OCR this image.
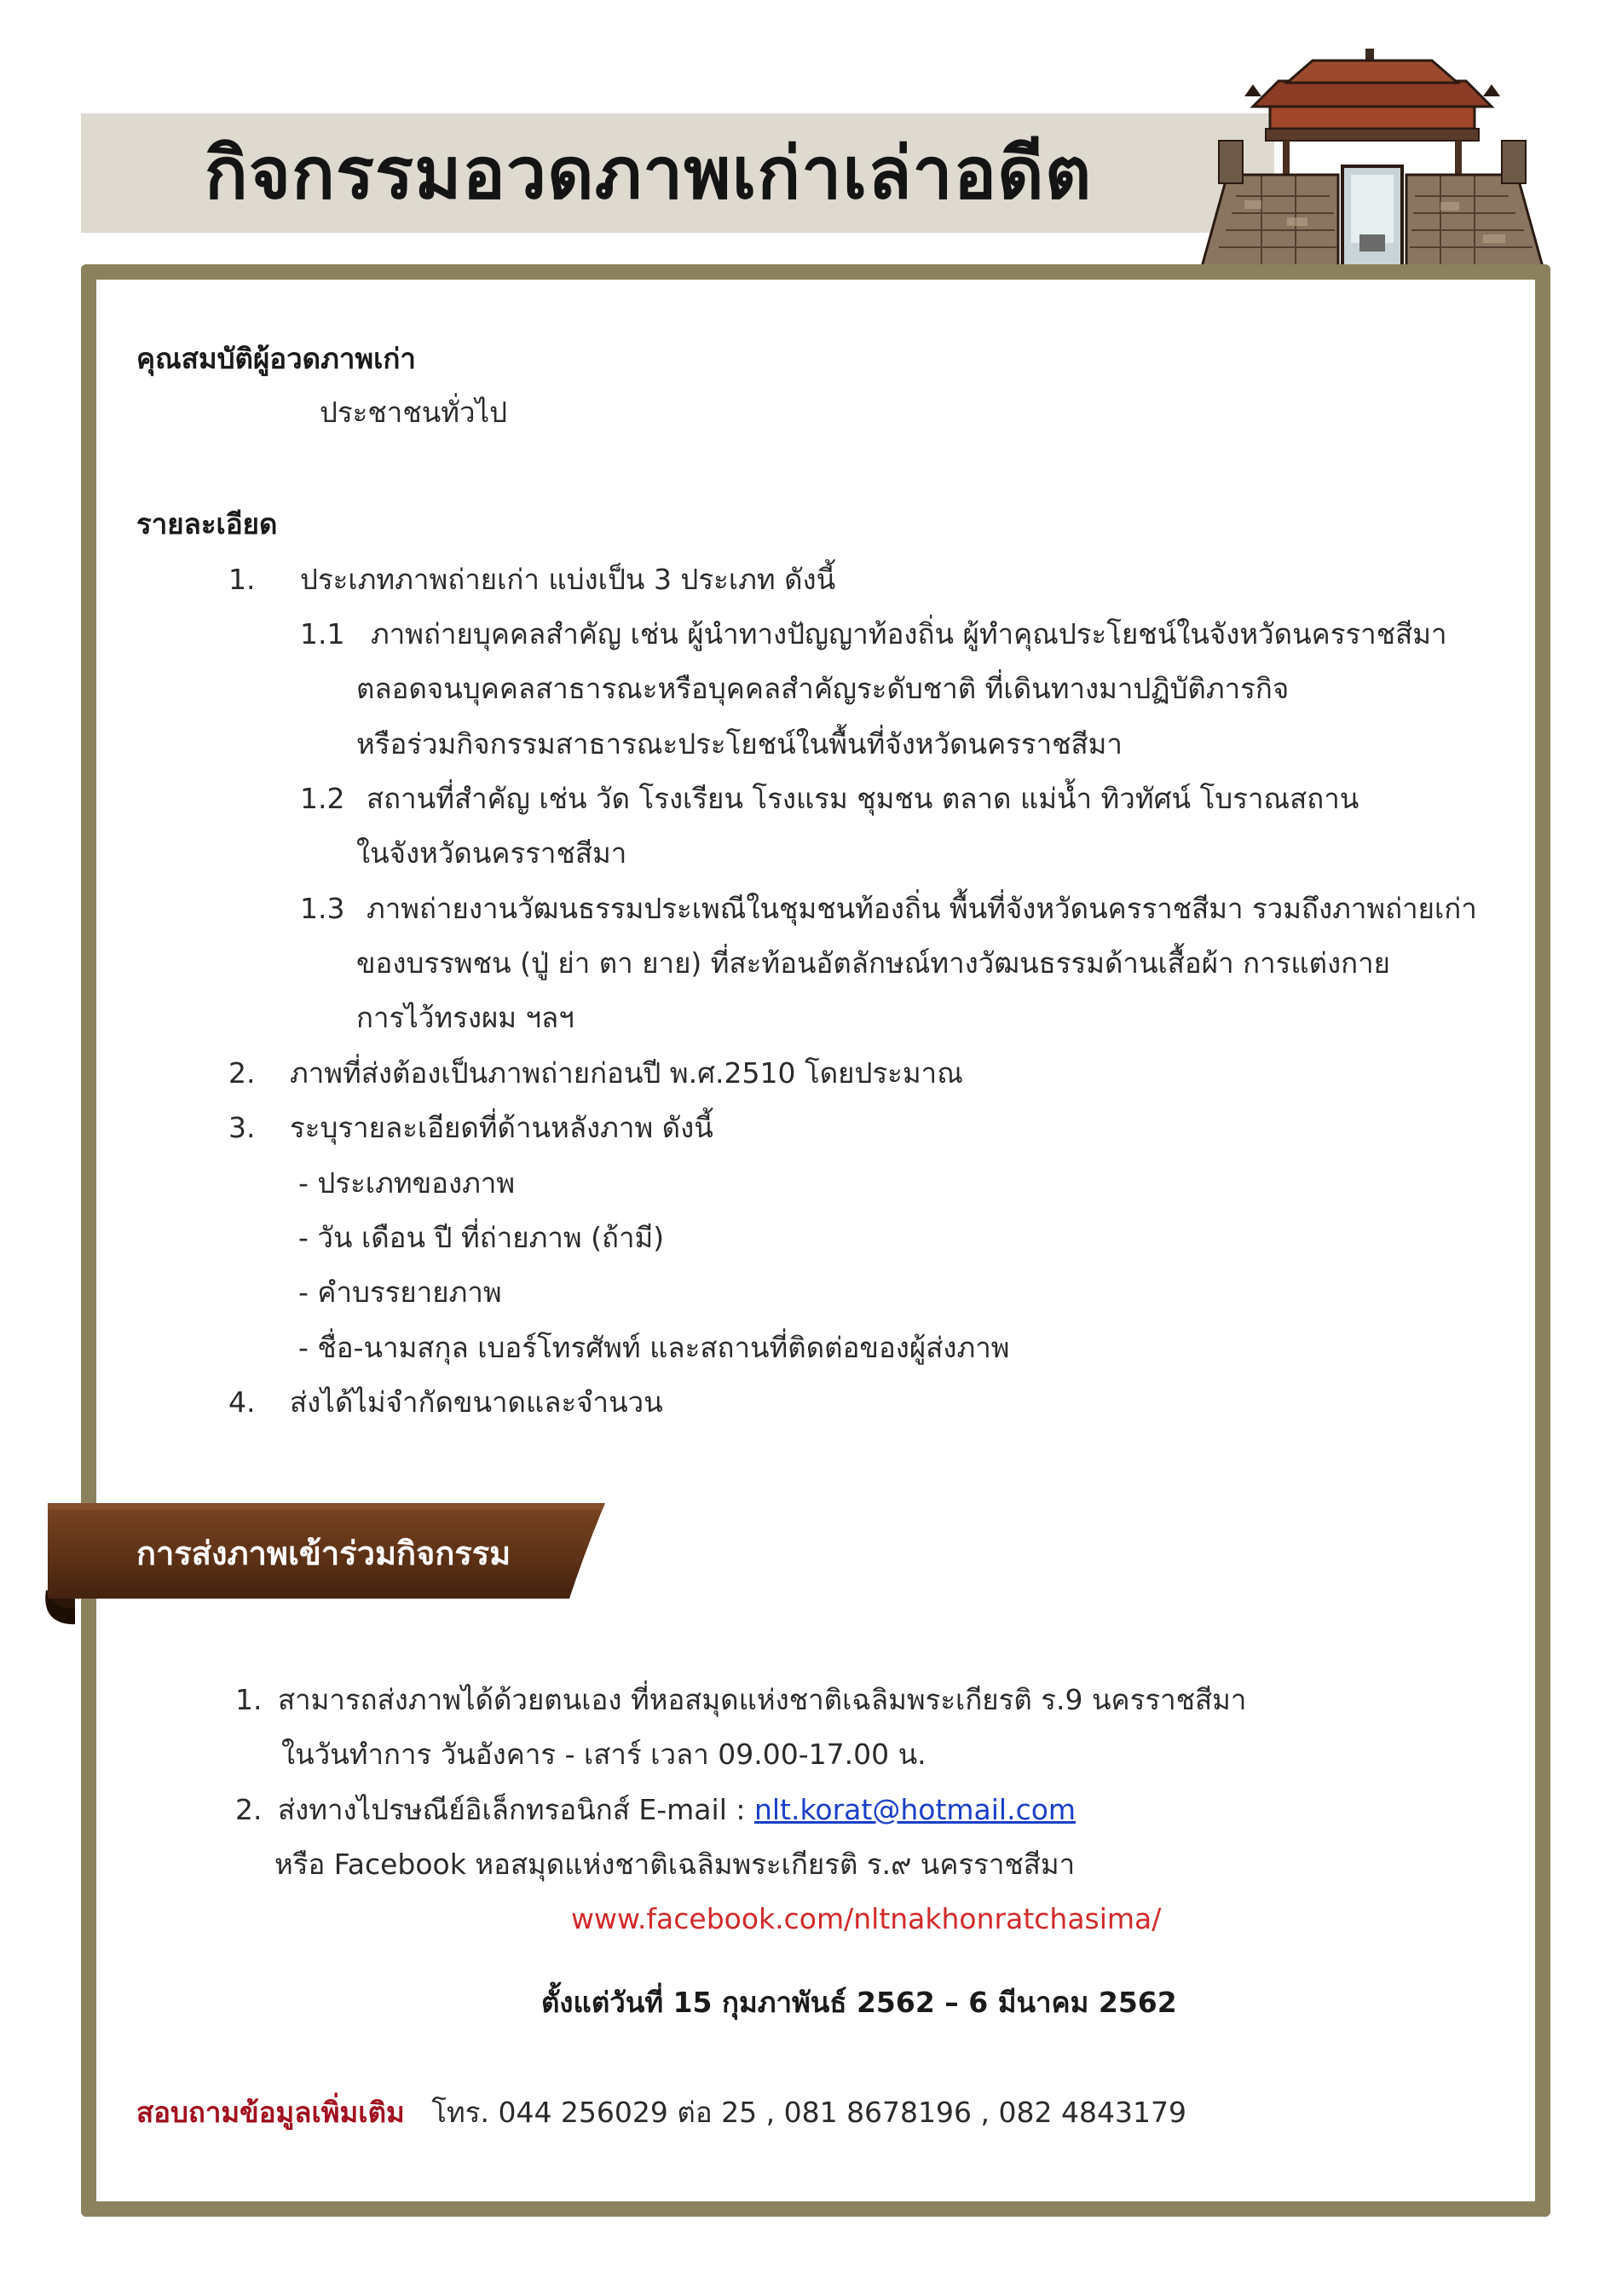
กิจกรรมอวดภาพเก่าเล่าอดีต
คุณสมบัติผู้อวดภาพเก่า
ประชาชนทั่วไป
รายละเอียด
1. ประเภทภาพถ่ายเก่า แบ่งเป็น 3 ประเภท ดังนี้
1.1 ภาพถ่ายบุคคลสำคัญ เช่น ผู้นำทางปัญญาท้องถิ่น ผู้ทำคุณประโยชน์ในจังหวัดนครราชสีมา
ตลอดจนบุคคลสาธารณะหรือบุคคลสำคัญระดับชาติ ที่เดินทางมาปฏิบัติภารกิจ
หรือร่วมกิจกรรมสาธารณะประโยชน์ในพื้นที่จังหวัดนครราชสีมา
1.2 สถานที่สำคัญ เช่น วัด โรงเรียน โรงแรม ชุมชน ตลาด แม่น้ำ ทิวทัศน์ โบราณสถาน
ในจังหวัดนครราชสีมา
1.3 ภาพถ่ายงานวัฒนธรรมประเพณีในชุมชนท้องถิ่น พื้นที่จังหวัดนครราชสีมา รวมถึงภาพถ่ายเก่า
ของบรรพชน (ปู่ ย่า ตา ยาย) ที่สะท้อนอัตลักษณ์ทางวัฒนธรรมด้านเสื้อผ้า การแต่งกาย
การไว้ทรงผม ฯลฯ
2. ภาพที่ส่งต้องเป็นภาพถ่ายก่อนปี พ.ศ.2510 โดยประมาณ
3. ระบุรายละเอียดที่ด้านหลังภาพ ดังนี้
- ประเภทของภาพ
- วัน เดือน ปี ที่ถ่ายภาพ (ถ้ามี)
- คำบรรยายภาพ
- ชื่อ-นามสกุล เบอร์โทรศัพท์ และสถานที่ติดต่อของผู้ส่งภาพ
4. ส่งได้ไม่จำกัดขนาดและจำนวน
การส่งภาพเข้าร่วมกิจกรรม
1. สามารถส่งภาพได้ด้วยตนเอง ที่หอสมุดแห่งชาติเฉลิมพระเกียรติ ร.9 นครราชสีมา
ในวันทำการ วันอังคาร - เสาร์ เวลา 09.00-17.00 น.
2. ส่งทางไปรษณีย์อิเล็กทรอนิกส์ E-mail : nlt.korat@hotmail.com
หรือ Facebook หอสมุดแห่งชาติเฉลิมพระเกียรติ ร.๙ นครราชสีมา
www.facebook.com/nltnakhonratchasima/
ตั้งแต่วันที่ 15 กุมภาพันธ์ 2562 – 6 มีนาคม 2562
สอบถามข้อมูลเพิ่มเติม โทร. 044 256029 ต่อ 25 , 081 8678196 , 082 4843179
